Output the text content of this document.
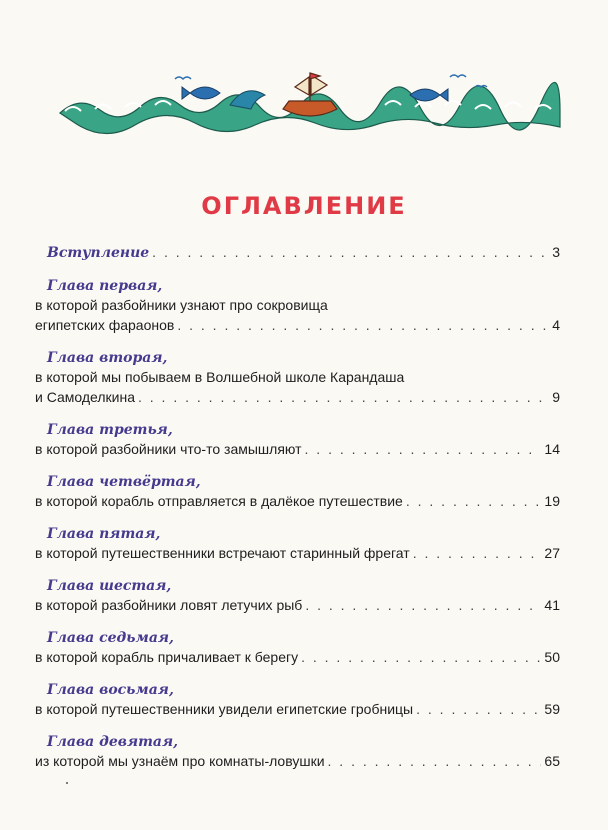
ОГЛАВЛЕНИЕ
Вступление . . .	3
Глава первая,
в которой разбойники узнают про сокровища
египетских фараонов . . .	4
Глава вторая,
в которой мы побываем в Волшебной школе Карандаша
и Самоделкина . . .	9
Глава третья,
в которой разбойники что-то замышляют . . .	14
Глава четвёртая,
в которой корабль отправляется в далёкое путешествие . . .	19
Глава пятая,
в которой путешественники встречают старинный фрегат . . .	27
Глава шестая,
в которой разбойники ловят летучих рыб . . .	41
Глава седьмая,
в которой корабль причаливает к берегу . . .	50
Глава восьмая,
в которой путешественники увидели египетские гробницы . . .	59
Глава девятая,
из которой мы узнаём про комнаты-ловушки . . .	65
